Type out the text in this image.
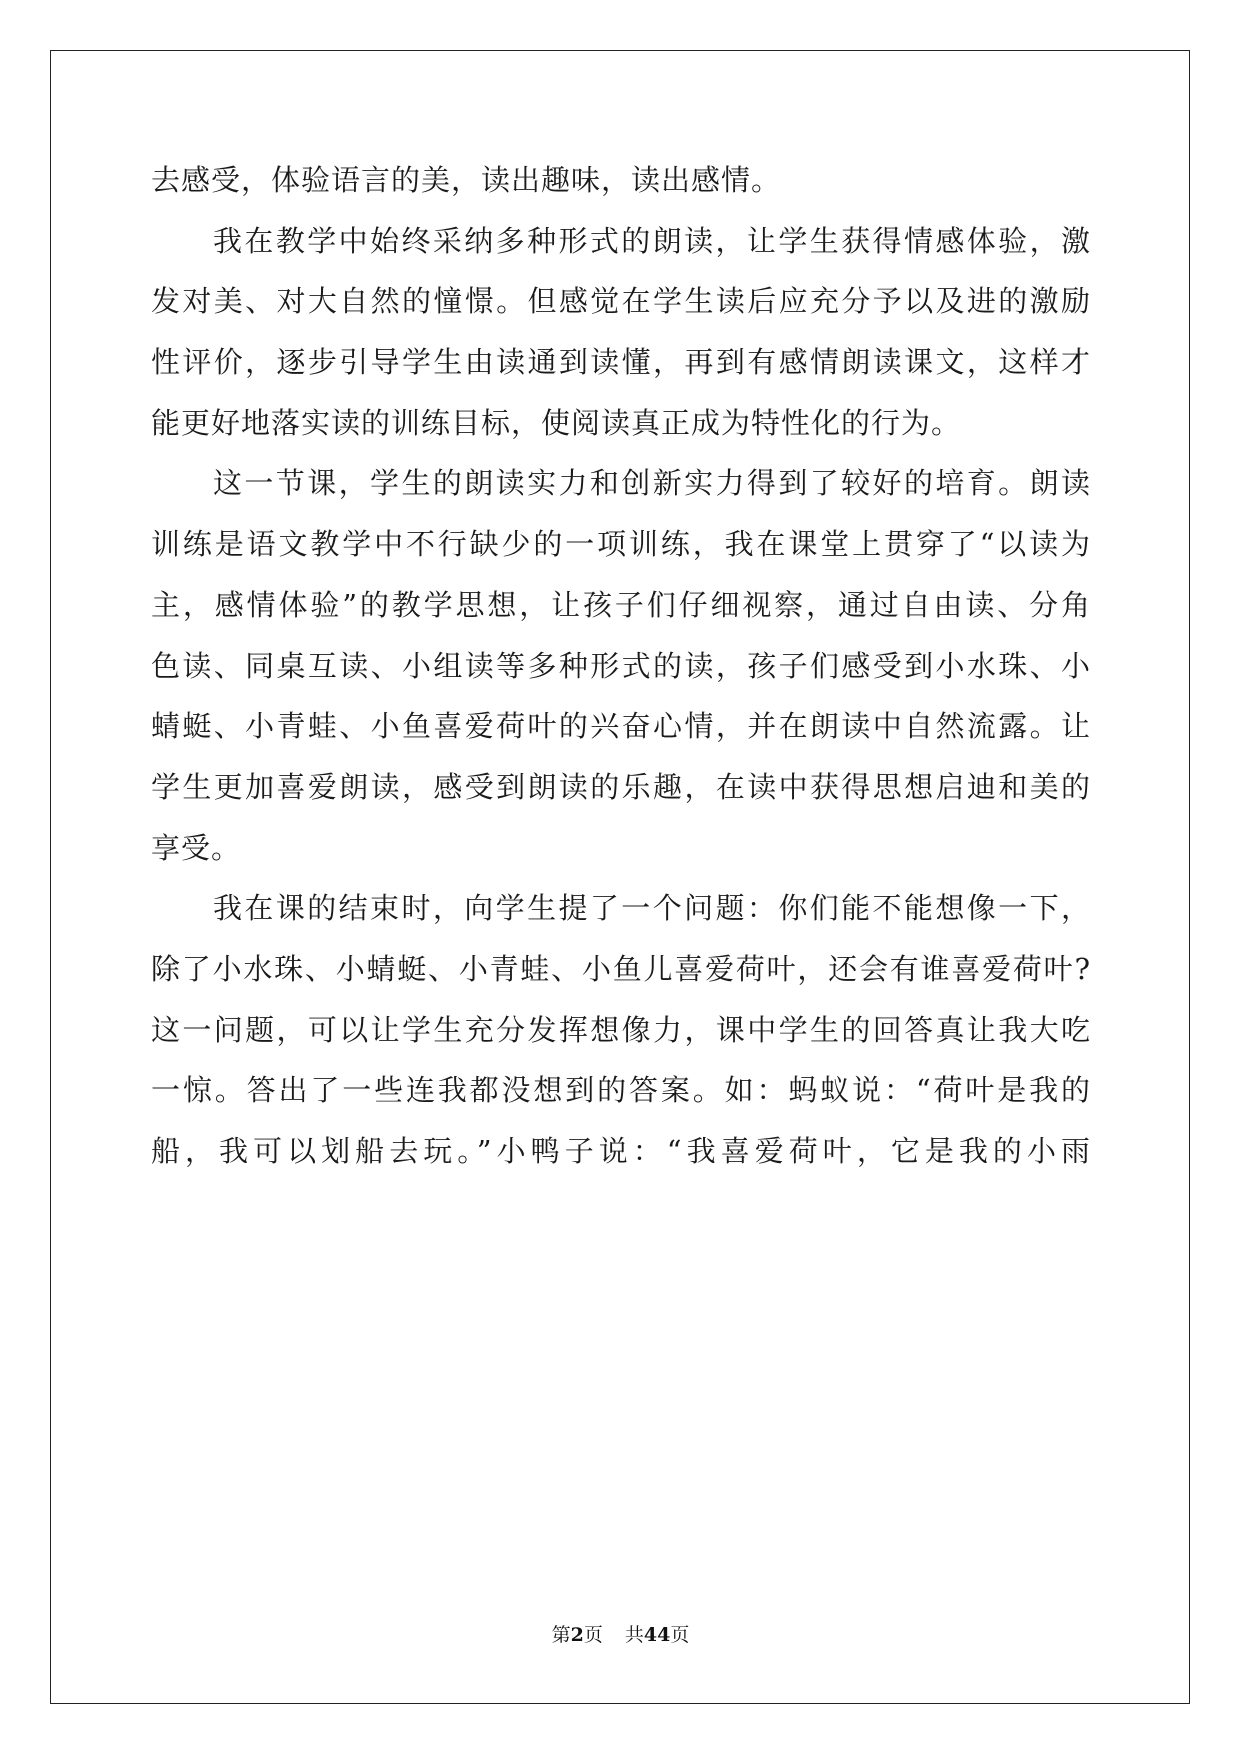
去感受，体验语言的美，读出趣味，读出感情。
我在教学中始终采纳多种形式的朗读，让学生获得情感体验，激
发对美、对大自然的憧憬。但感觉在学生读后应充分予以及进的激励
性评价，逐步引导学生由读通到读懂，再到有感情朗读课文，这样才
能更好地落实读的训练目标，使阅读真正成为特性化的行为。
这一节课，学生的朗读实力和创新实力得到了较好的培育。朗读
训练是语文教学中不行缺少的一项训练，我在课堂上贯穿了“以读为
主，感情体验”的教学思想，让孩子们仔细视察，通过自由读、分角
色读、同桌互读、小组读等多种形式的读，孩子们感受到小水珠、小
蜻蜓、小青蛙、小鱼喜爱荷叶的兴奋心情，并在朗读中自然流露。让
学生更加喜爱朗读，感受到朗读的乐趣，在读中获得思想启迪和美的
享受。
我在课的结束时，向学生提了一个问题：你们能不能想像一下，
除了小水珠、小蜻蜓、小青蛙、小鱼儿喜爱荷叶，还会有谁喜爱荷叶?
这一问题，可以让学生充分发挥想像力，课中学生的回答真让我大吃
一惊。答出了一些连我都没想到的答案。如：蚂蚁说：“荷叶是我的
船，我可以划船去玩。”小鸭子说：“我喜爱荷叶，它是我的小雨
第2页 共44页
